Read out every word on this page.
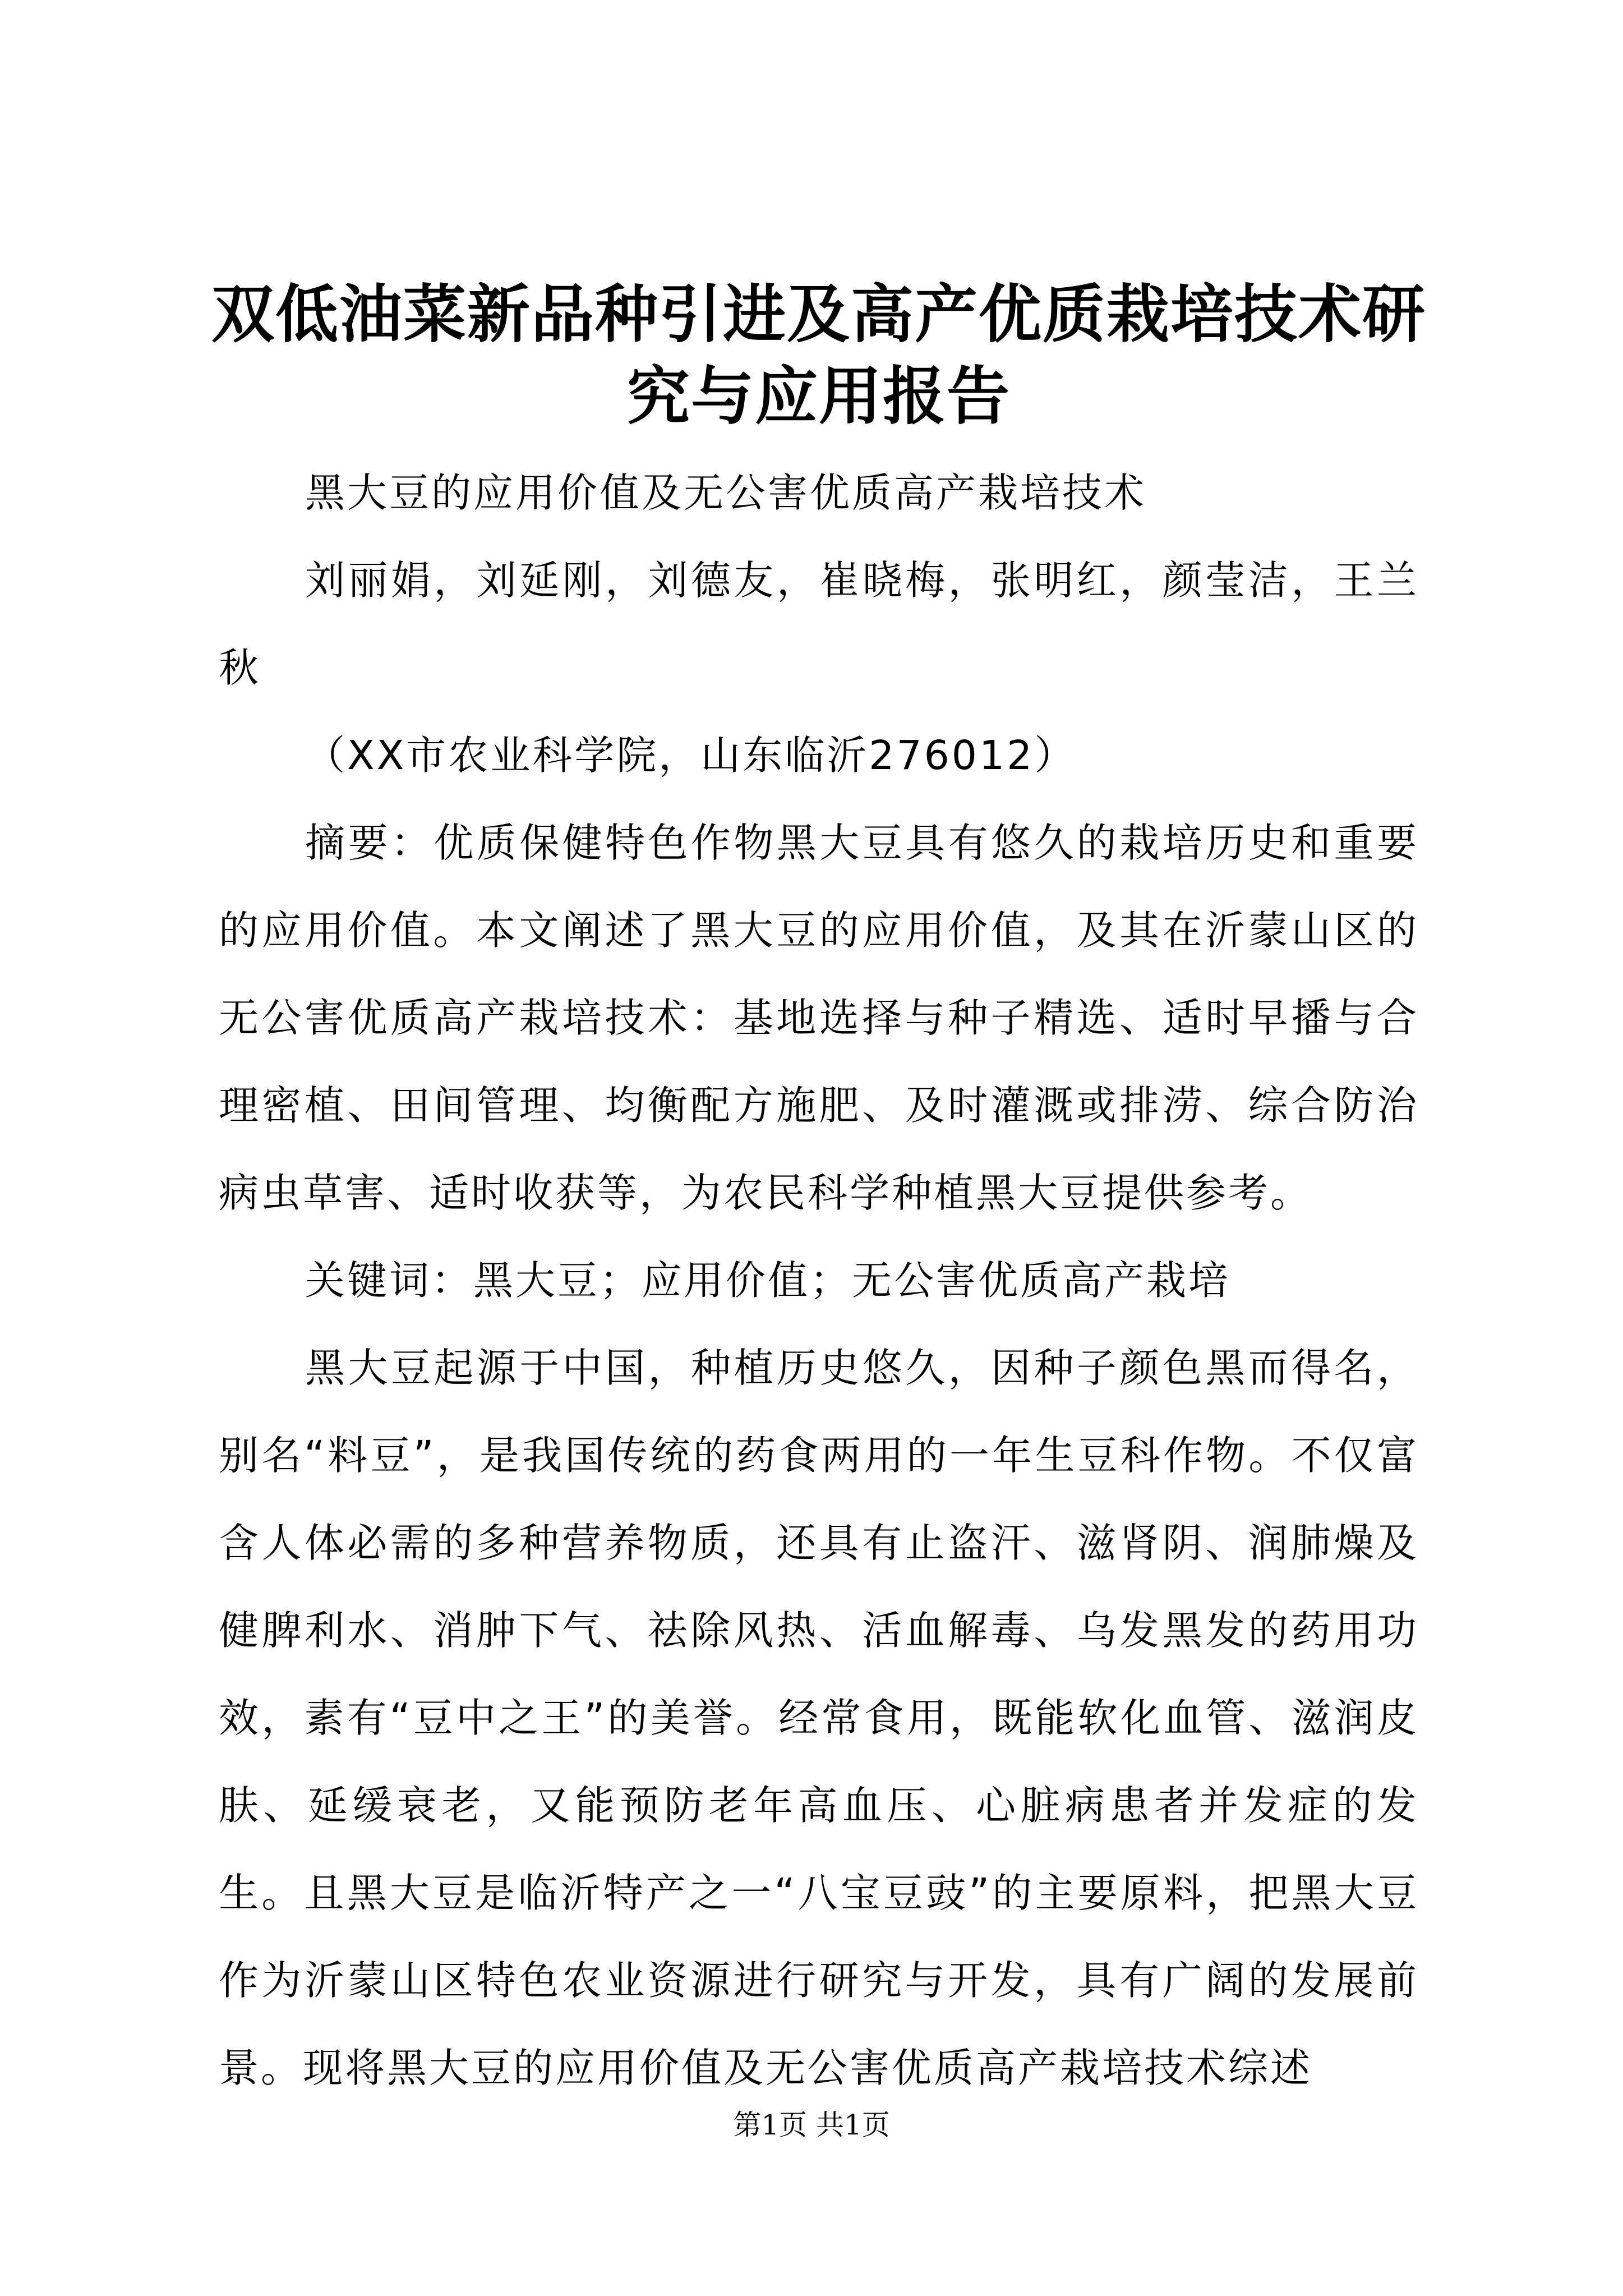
双低油菜新品种引进及高产优质栽培技术研究与应用报告

黑大豆的应用价值及无公害优质高产栽培技术

刘丽娟，刘延刚，刘德友，崔晓梅，张明红，颜莹洁，王兰秋

（XX市农业科学院，山东临沂276012）

摘要：优质保健特色作物黑大豆具有悠久的栽培历史和重要的应用价值。本文阐述了黑大豆的应用价值，及其在沂蒙山区的无公害优质高产栽培技术：基地选择与种子精选、适时早播与合理密植、田间管理、均衡配方施肥、及时灌溉或排涝、综合防治病虫草害、适时收获等，为农民科学种植黑大豆提供参考。

关键词：黑大豆；应用价值；无公害优质高产栽培

黑大豆起源于中国，种植历史悠久，因种子颜色黑而得名，别名“料豆”，是我国传统的药食两用的一年生豆科作物。不仅富含人体必需的多种营养物质，还具有止盗汗、滋肾阴、润肺燥及健脾利水、消肿下气、祛除风热、活血解毒、乌发黑发的药用功效，素有“豆中之王”的美誉。经常食用，既能软化血管、滋润皮肤、延缓衰老，又能预防老年高血压、心脏病患者并发症的发生。且黑大豆是临沂特产之一“八宝豆豉”的主要原料，把黑大豆作为沂蒙山区特色农业资源进行研究与开发，具有广阔的发展前景。现将黑大豆的应用价值及无公害优质高产栽培技术综述

第1页 共1页
